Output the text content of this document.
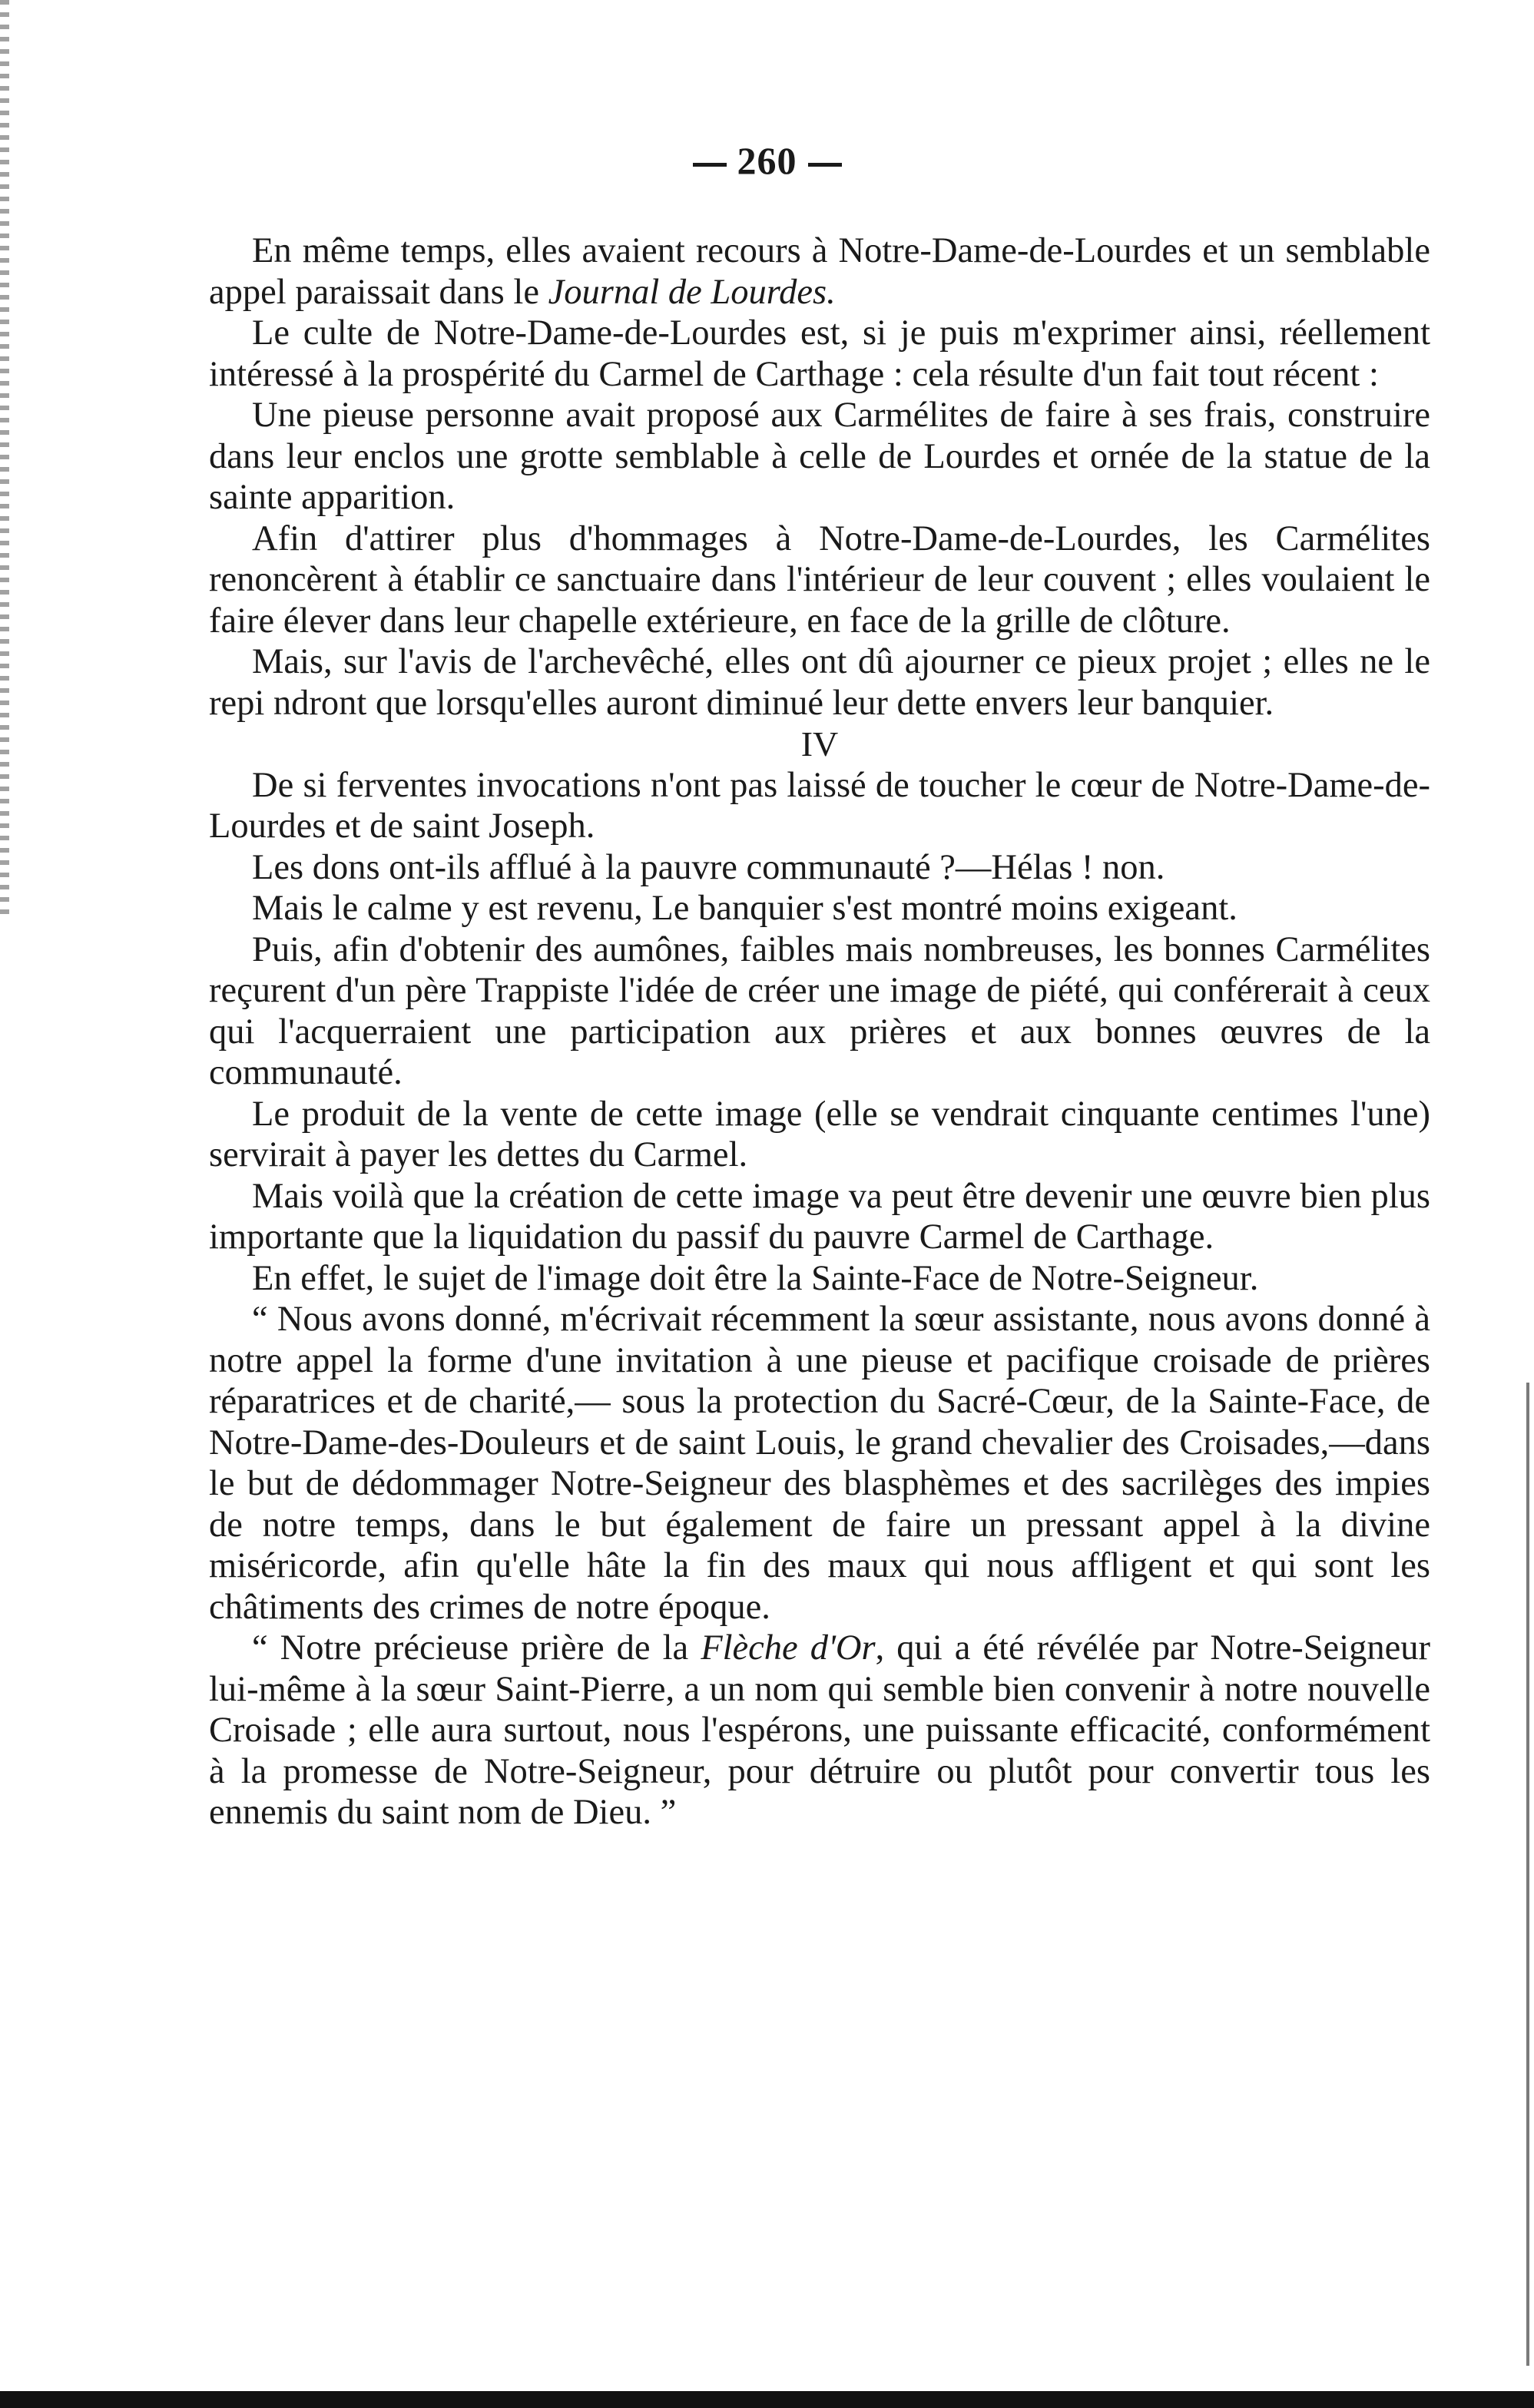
260

En même temps, elles avaient recours à Notre-Dame-de-Lourdes et un semblable appel paraissait dans le Journal de Lourdes.

Le culte de Notre-Dame-de-Lourdes est, si je puis m'exprimer ainsi, réellement intéressé à la prospérité du Carmel de Carthage : cela résulte d'un fait tout récent :

Une pieuse personne avait proposé aux Carmélites de faire à ses frais, construire dans leur enclos une grotte semblable à celle de Lourdes et ornée de la statue de la sainte apparition.

Afin d'attirer plus d'hommages à Notre-Dame-de-Lourdes, les Carmélites renoncèrent à établir ce sanctuaire dans l'intérieur de leur couvent ; elles voulaient le faire élever dans leur chapelle extérieure, en face de la grille de clôture.

Mais, sur l'avis de l'archevêché, elles ont dû ajourner ce pieux projet ; elles ne le repi ndront que lorsqu'elles auront diminué leur dette envers leur banquier.

IV

De si ferventes invocations n'ont pas laissé de toucher le cœur de Notre-Dame-de-Lourdes et de saint Joseph.

Les dons ont-ils afflué à la pauvre communauté ?—Hélas ! non.

Mais le calme y est revenu, Le banquier s'est montré moins exigeant.

Puis, afin d'obtenir des aumônes, faibles mais nombreuses, les bonnes Carmélites reçurent d'un père Trappiste l'idée de créer une image de piété, qui conférerait à ceux qui l'acquerraient une participation aux prières et aux bonnes œuvres de la communauté.

Le produit de la vente de cette image (elle se vendrait cinquante centimes l'une) servirait à payer les dettes du Carmel.

Mais voilà que la création de cette image va peut être devenir une œuvre bien plus importante que la liquidation du passif du pauvre Carmel de Carthage.

En effet, le sujet de l'image doit être la Sainte-Face de Notre-Seigneur.

“ Nous avons donné, m'écrivait récemment la sœur assistante, nous avons donné à notre appel la forme d'une invitation à une pieuse et pacifique croisade de prières réparatrices et de charité,— sous la protection du Sacré-Cœur, de la Sainte-Face, de Notre-Dame-des-Douleurs et de saint Louis, le grand chevalier des Croisades,—dans le but de dédommager Notre-Seigneur des blasphèmes et des sacrilèges des impies de notre temps, dans le but également de faire un pressant appel à la divine miséricorde, afin qu'elle hâte la fin des maux qui nous affligent et qui sont les châtiments des crimes de notre époque.

“ Notre précieuse prière de la Flèche d'Or, qui a été révélée par Notre-Seigneur lui-même à la sœur Saint-Pierre, a un nom qui semble bien convenir à notre nouvelle Croisade ; elle aura surtout, nous l'espérons, une puissante efficacité, conformément à la promesse de Notre-Seigneur, pour détruire ou plutôt pour convertir tous les ennemis du saint nom de Dieu. ”
